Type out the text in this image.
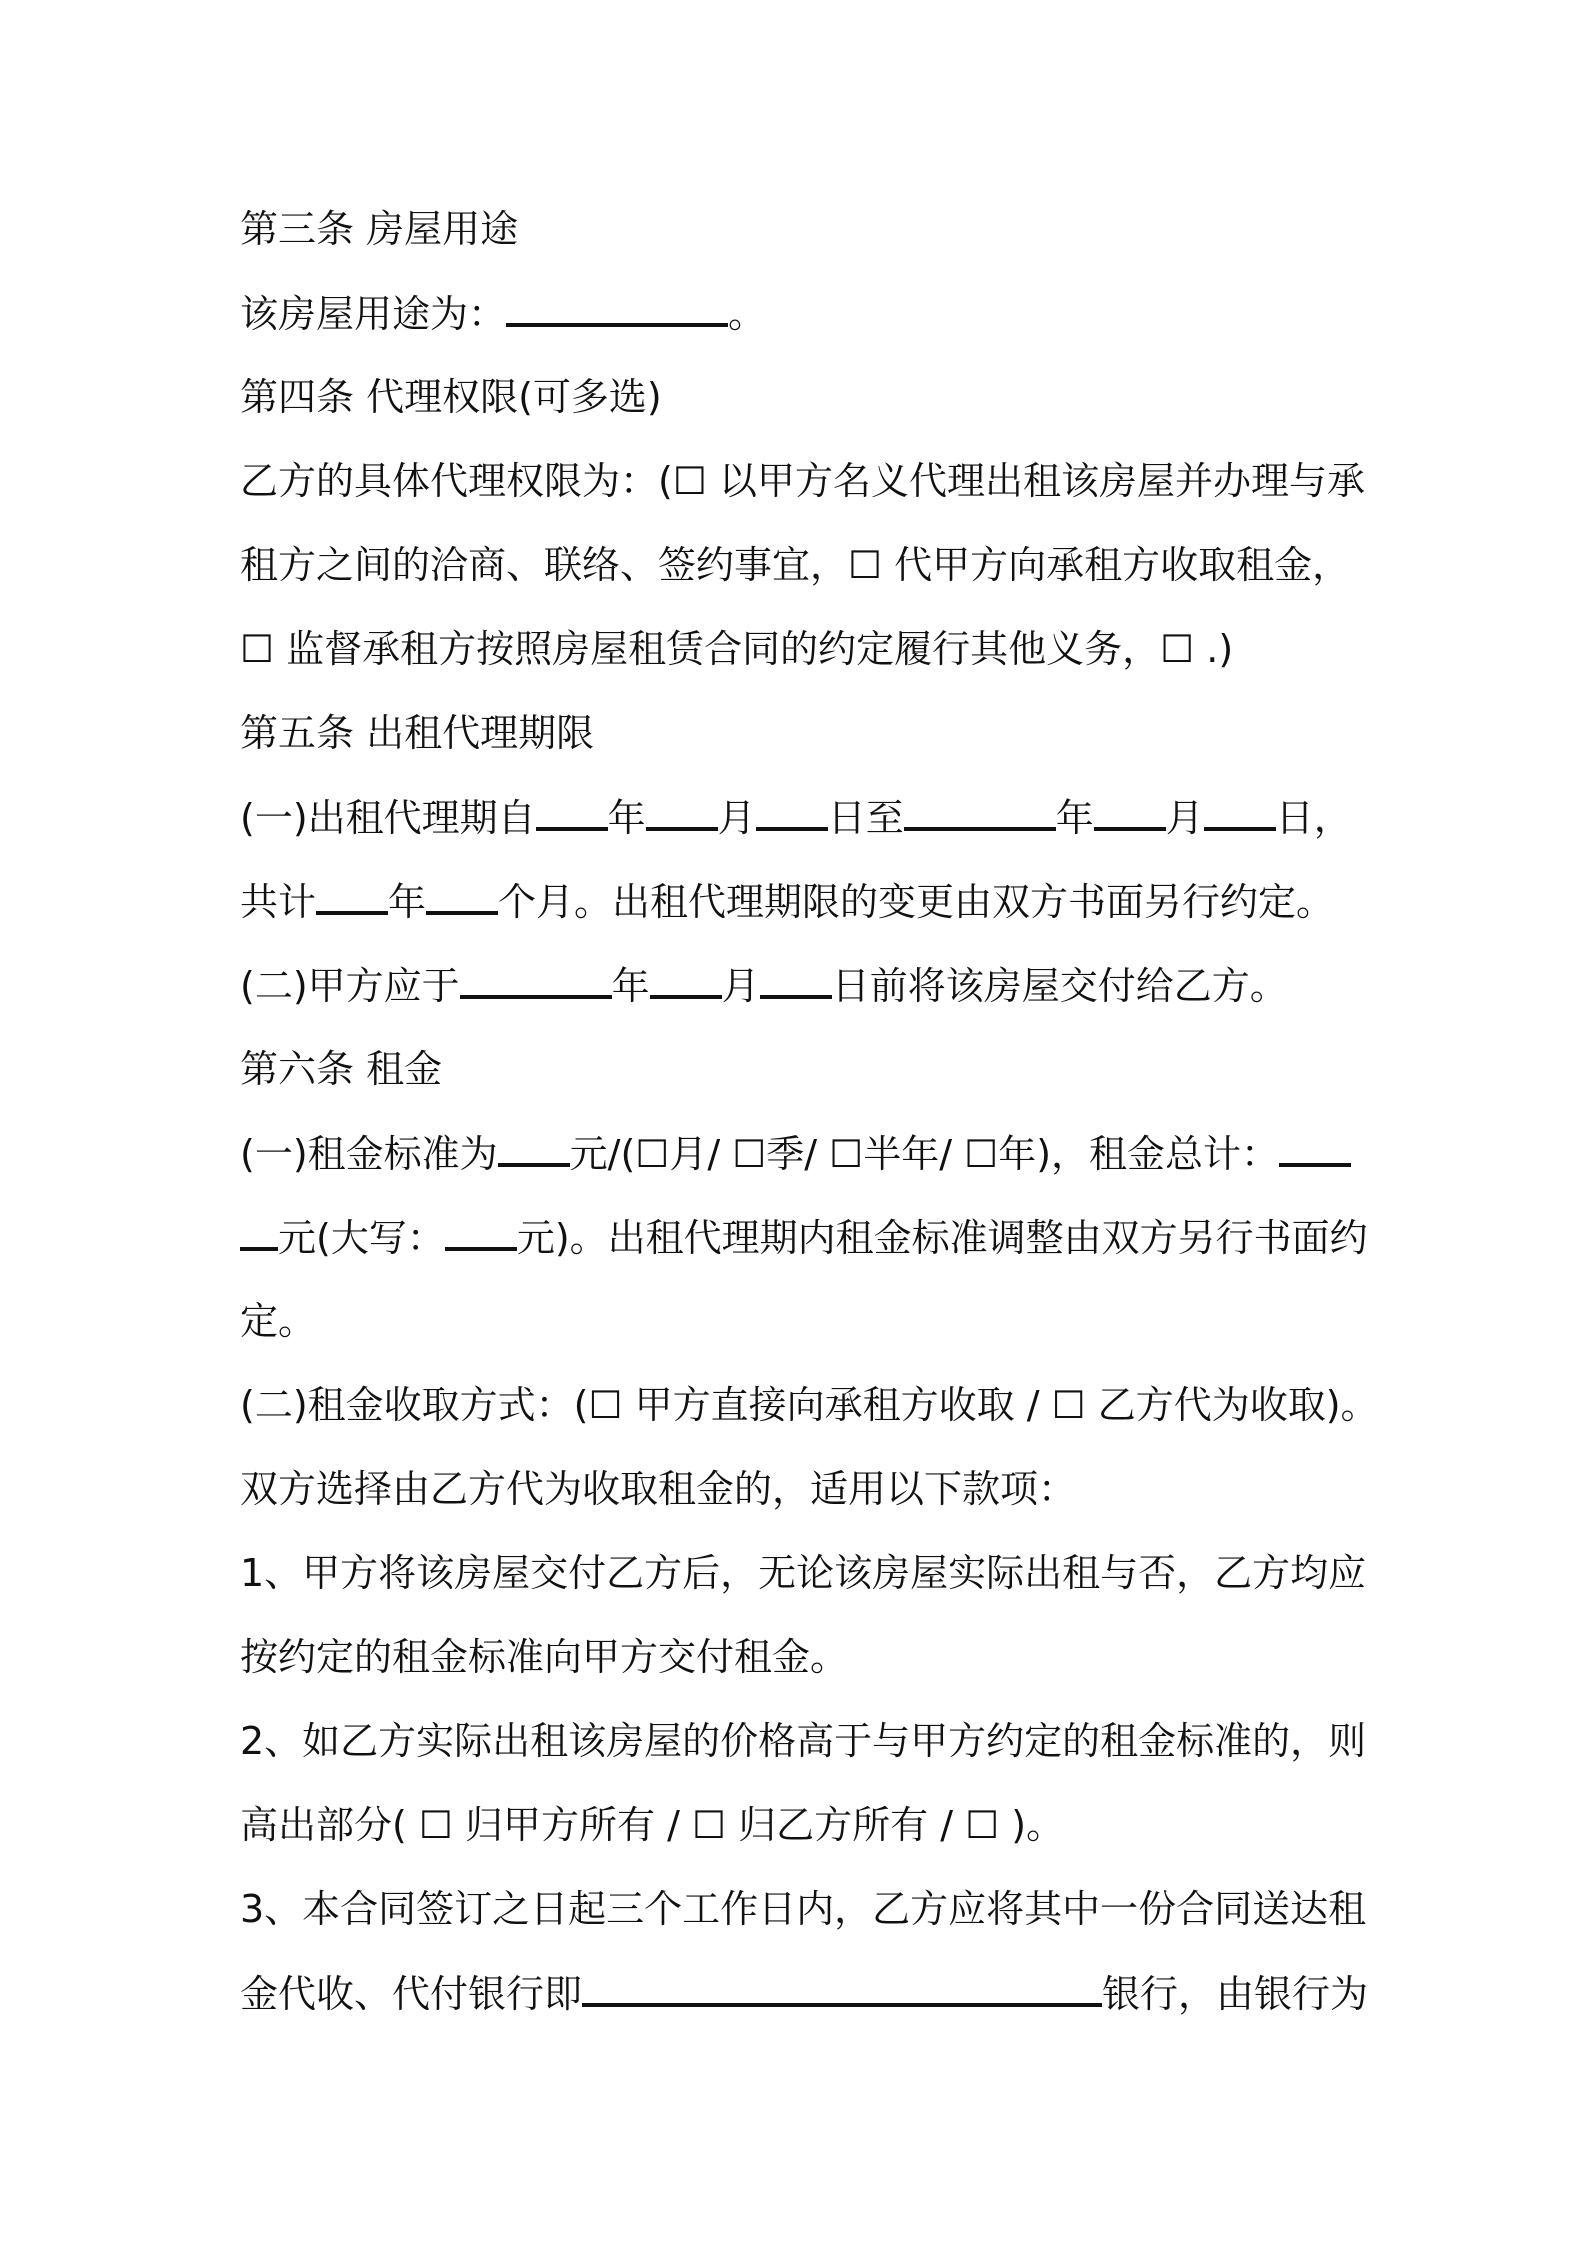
第三条 房屋用途
该房屋用途为：	。
第四条 代理权限(可多选)
乙方的具体代理权限为：(☐ 以甲方名义代理出租该房屋并办理与承
租方之间的洽商、联络、签约事宜，☐ 代甲方向承租方收取租金，
☐ 监督承租方按照房屋租赁合同的约定履行其他义务，☐ .)
第五条 出租代理期限
(一)出租代理期自 年 月 日至	年 月 日，
共计 年 个月。出租代理期限的变更由双方书面另行约定。
(二)甲方应于	年 月 日前将该房屋交付给乙方。
第六条 租金
(一)租金标准为 元/(☐月/ ☐季/ ☐半年/ ☐年)，租金总计：
元(大写： 元)。出租代理期内租金标准调整由双方另行书面约
定。
(二)租金收取方式：(☐ 甲方直接向承租方收取 / ☐ 乙方代为收取)。
双方选择由乙方代为收取租金的，适用以下款项：
1、甲方将该房屋交付乙方后，无论该房屋实际出租与否，乙方均应
按约定的租金标准向甲方交付租金。
2、如乙方实际出租该房屋的价格高于与甲方约定的租金标准的，则
高出部分( ☐ 归甲方所有 / ☐ 归乙方所有 / ☐ )。
3、本合同签订之日起三个工作日内，乙方应将其中一份合同送达租
金代收、代付银行即	银行，由银行为
